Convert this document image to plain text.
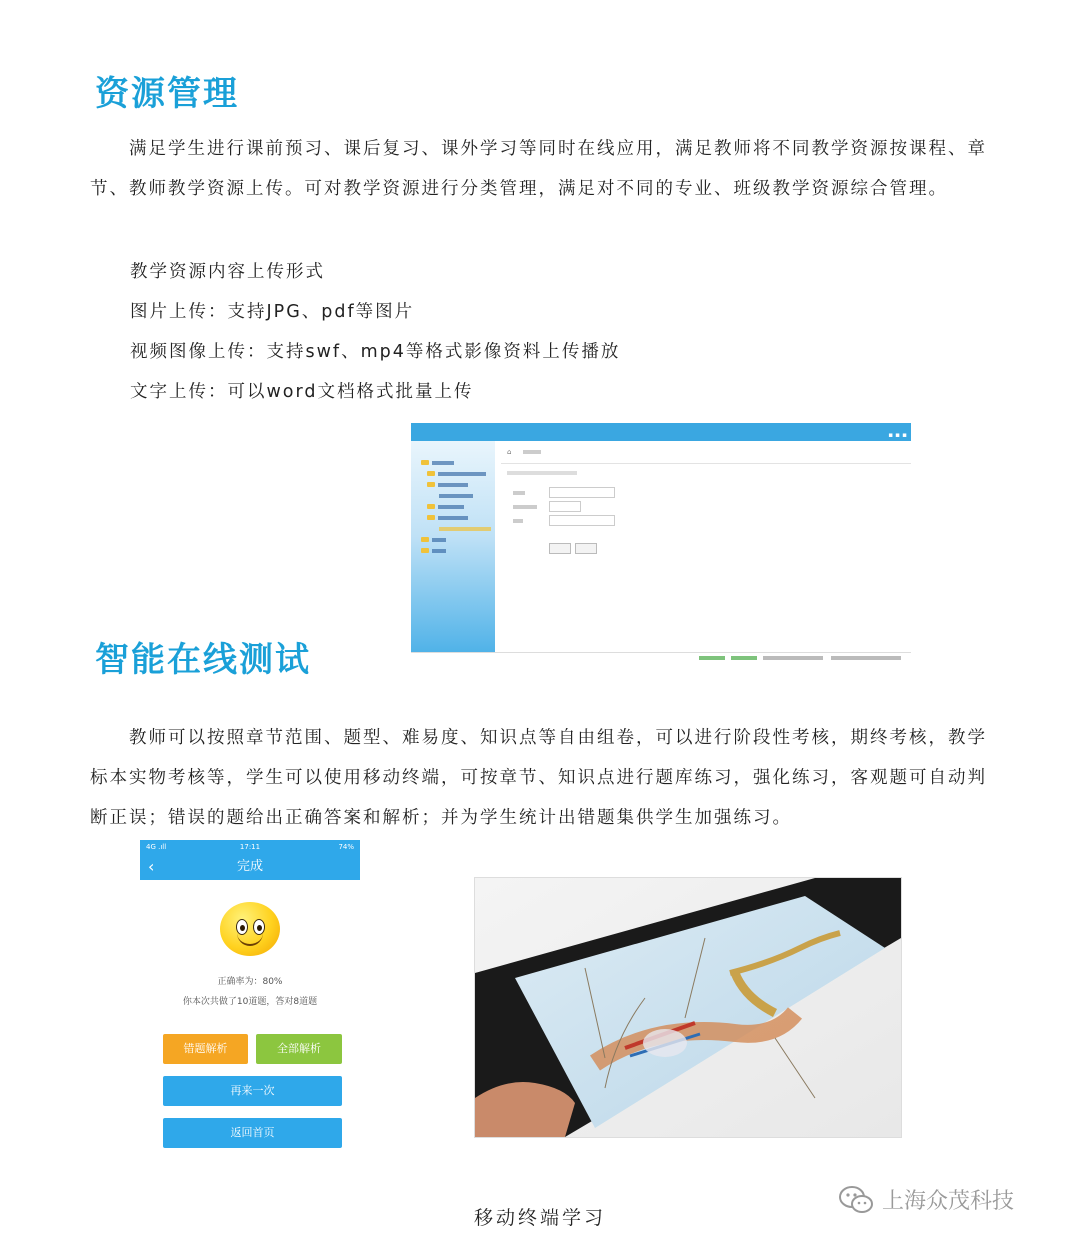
资源管理

　　满足学生进行课前预习、课后复习、课外学习等同时在线应用，满足教师将不同教学资源按课程、章节、教师教学资源上传。可对教学资源进行分类管理，满足对不同的专业、班级教学资源综合管理。

教学资源内容上传形式

图片上传：支持JPG、pdf等图片

视频图像上传：支持swf、mp4等格式影像资料上传播放

文字上传：可以word文档格式批量上传

▪ ▪ ▪
⌂
智能在线测试

　　教师可以按照章节范围、题型、难易度、知识点等自由组卷，可以进行阶段性考核，期终考核，教学标本实物考核等，学生可以使用移动终端，可按章节、知识点进行题库练习，强化练习，客观题可自动判断正误；错误的题给出正确答案和解析；并为学生统计出错题集供学生加强练习。

4G .ıll	17:11	74%
‹	完成
正确率为：80%
你本次共做了10道题，答对8道题
错题解析	全部解析
再来一次
返回首页

移动终端学习

上海众茂科技
